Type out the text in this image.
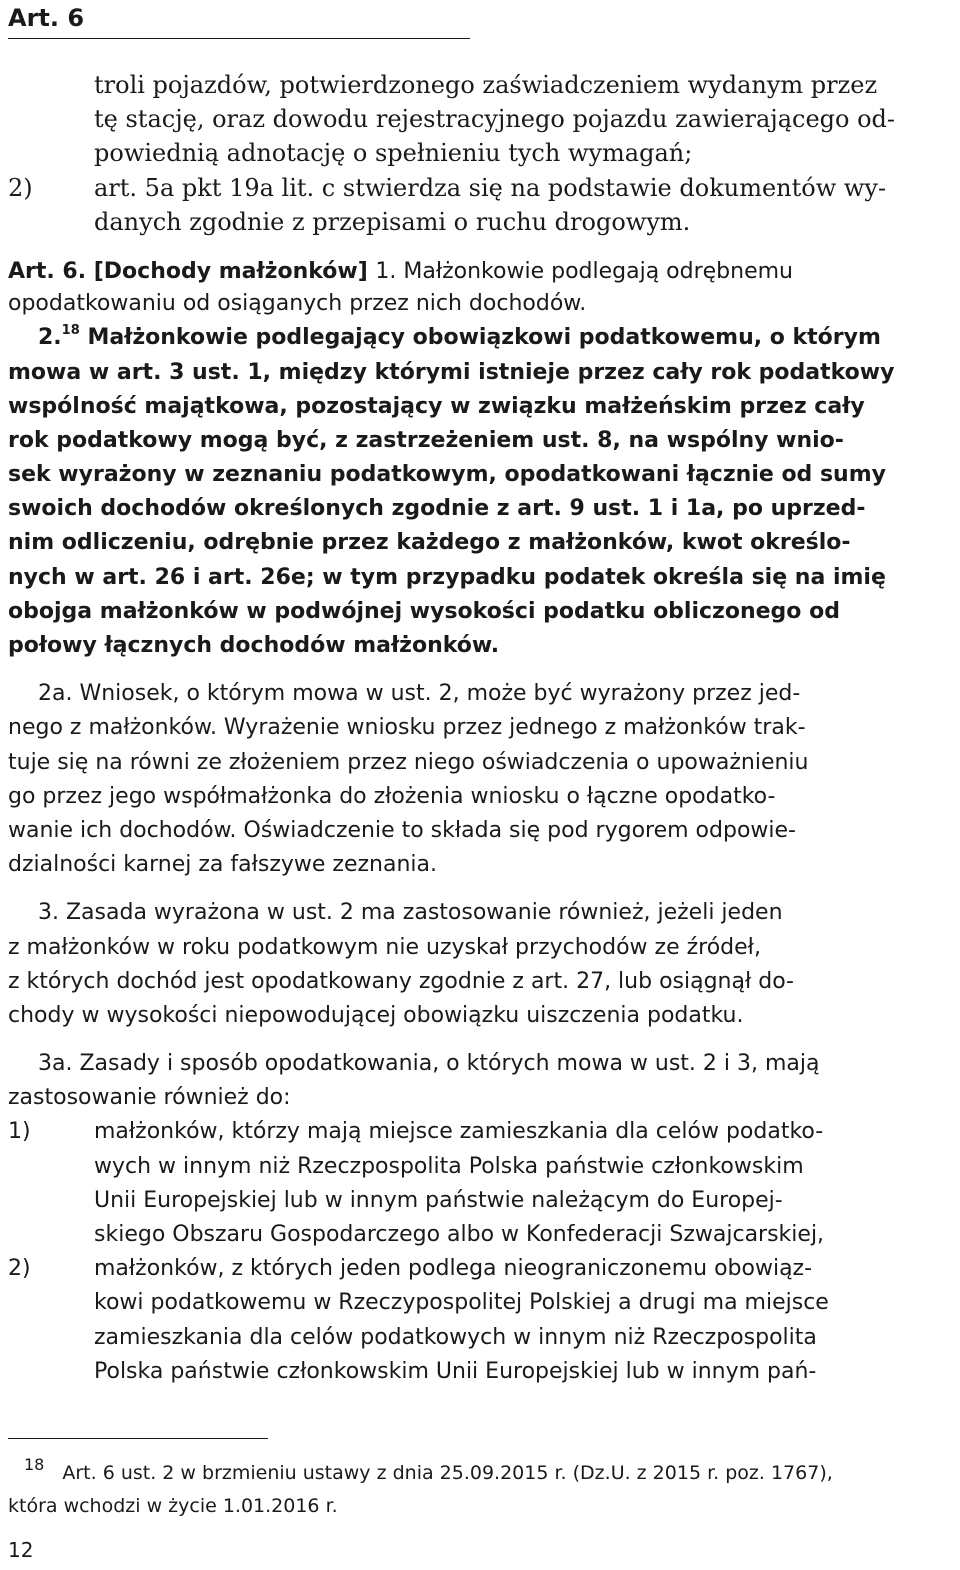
Art. 6
troli pojazdów, potwierdzonego zaświadczeniem wydanym przez
tę stację, oraz dowodu rejestracyjnego pojazdu zawierającego od-
powiednią adnotację o spełnieniu tych wymagań;
2)	art. 5a pkt 19a lit. c stwierdza się na podstawie dokumentów wy-
danych zgodnie z przepisami o ruchu drogowym.
Art. 6. [Dochody małżonków] 1. Małżonkowie podlegają odrębnemu
opodatkowaniu od osiąganych przez nich dochodów.
2.18 Małżonkowie podlegający obowiązkowi podatkowemu, o którym
mowa w art. 3 ust. 1, między którymi istnieje przez cały rok podatkowy
wspólność majątkowa, pozostający w związku małżeńskim przez cały
rok podatkowy mogą być, z zastrzeżeniem ust. 8, na wspólny wnio-
sek wyrażony w zeznaniu podatkowym, opodatkowani łącznie od sumy
swoich dochodów określonych zgodnie z art. 9 ust. 1 i 1a, po uprzed-
nim odliczeniu, odrębnie przez każdego z małżonków, kwot określo-
nych w art. 26 i art. 26e; w tym przypadku podatek określa się na imię
obojga małżonków w podwójnej wysokości podatku obliczonego od
połowy łącznych dochodów małżonków.
2a. Wniosek, o którym mowa w ust. 2, może być wyrażony przez jed-
nego z małżonków. Wyrażenie wniosku przez jednego z małżonków trak-
tuje się na równi ze złożeniem przez niego oświadczenia o upoważnieniu
go przez jego współmałżonka do złożenia wniosku o łączne opodatko-
wanie ich dochodów. Oświadczenie to składa się pod rygorem odpowie-
dzialności karnej za fałszywe zeznania.
3. Zasada wyrażona w ust. 2 ma zastosowanie również, jeżeli jeden
z małżonków w roku podatkowym nie uzyskał przychodów ze źródeł,
z których dochód jest opodatkowany zgodnie z art. 27, lub osiągnął do-
chody w wysokości niepowodującej obowiązku uiszczenia podatku.
3a. Zasady i sposób opodatkowania, o których mowa w ust. 2 i 3, mają
zastosowanie również do:
1)	małżonków, którzy mają miejsce zamieszkania dla celów podatko-
wych w innym niż Rzeczpospolita Polska państwie członkowskim
Unii Europejskiej lub w innym państwie należącym do Europej-
skiego Obszaru Gospodarczego albo w Konfederacji Szwajcarskiej,
2)	małżonków, z których jeden podlega nieograniczonemu obowiąz-
kowi podatkowemu w Rzeczypospolitej Polskiej a drugi ma miejsce
zamieszkania dla celów podatkowych w innym niż Rzeczpospolita
Polska państwie członkowskim Unii Europejskiej lub w innym pań-
$^{18}$ Art. 6 ust. 2 w brzmieniu ustawy z dnia 25.09.2015 r. (Dz.U. z 2015 r. poz. 1767),
która wchodzi w życie 1.01.2016 r.
12
